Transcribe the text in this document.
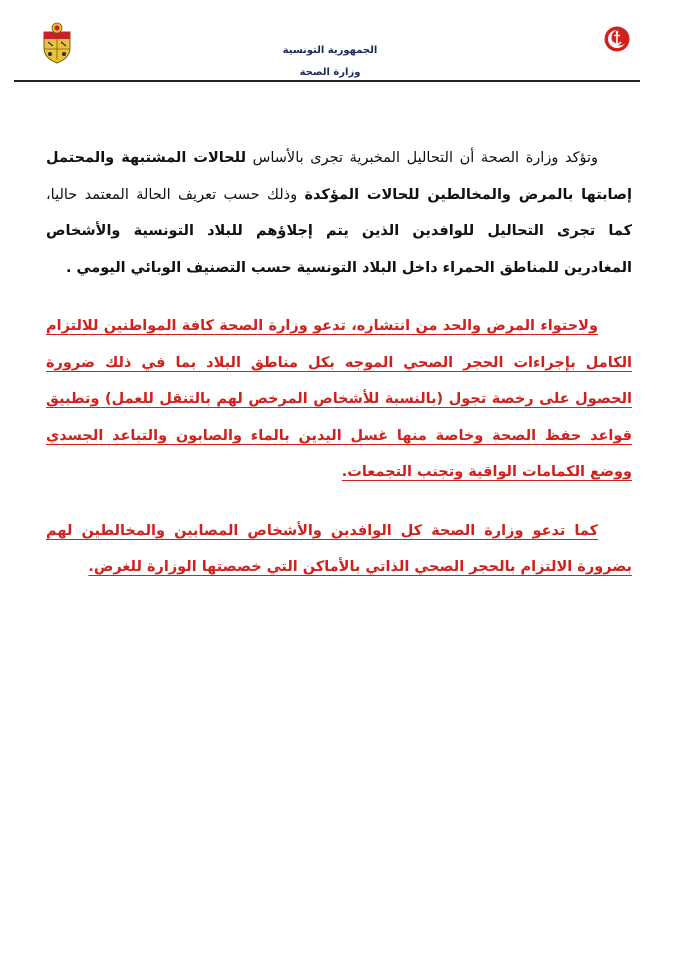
الجمهورية التونسية
وزارة الصحة

وتؤكد وزارة الصحة أن التحاليل المخبرية تجرى بالأساس للحالات المشتبهة والمحتمل إصابتها بالمرض والمخالطين للحالات المؤكدة وذلك حسب تعريف الحالة المعتمد حاليا، كما تجرى التحاليل للوافدين الذين يتم إجلاؤهم للبلاد التونسية والأشخاص المغادرين للمناطق الحمراء داخل البلاد التونسية حسب التصنيف الوبائي اليومي .

ولاحتواء المرض والحد من انتشاره، تدعو وزارة الصحة كافة المواطنين للالتزام الكامل بإجراءات الحجر الصحي الموجه بكل مناطق البلاد بما في ذلك ضرورة الحصول على رخصة تجول (بالنسبة للأشخاص المرخص لهم بالتنقل للعمل) وتطبيق قواعد حفظ الصحة وخاصة منها غسل اليدين بالماء والصابون والتباعد الجسدي ووضع الكمامات الواقية وتجنب التجمعات.

كما تدعو وزارة الصحة كل الوافدين والأشخاص المصابين والمخالطين لهم بضرورة الالتزام بالحجر الصحي الذاتي بالأماكن التي خصصتها الوزارة للغرض.
